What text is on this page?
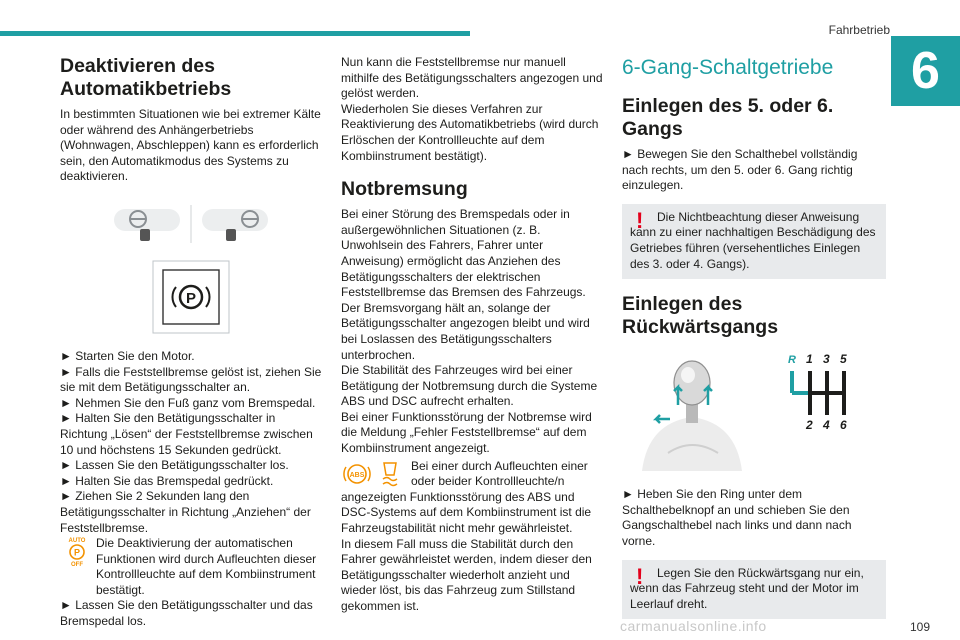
Fahrbetrieb
6
Deaktivieren des Automatikbetriebs

In bestimmten Situationen wie bei extremer Kälte oder während des Anhängerbetriebs (Wohnwagen, Abschleppen) kann es erforderlich sein, den Automatikmodus des Systems zu deaktivieren.

P

► Starten Sie den Motor.

► Falls die Feststellbremse gelöst ist, ziehen Sie sie mit dem Betätigungsschalter an.

► Nehmen Sie den Fuß ganz vom Bremspedal.

► Halten Sie den Betätigungsschalter in Richtung „Lösen“ der Feststellbremse zwischen 10 und höchstens 15 Sekunden gedrückt.

► Lassen Sie den Betätigungsschalter los.

► Halten Sie das Bremspedal gedrückt.

► Ziehen Sie 2 Sekunden lang den Betätigungsschalter in Richtung „Anziehen“ der Feststellbremse.

AUTO
P
OFF
Die Deaktivierung der automatischen Funktionen wird durch Aufleuchten dieser Kontrollleuchte auf dem Kombiinstrument bestätigt.

► Lassen Sie den Betätigungsschalter und das Bremspedal los.

Nun kann die Feststellbremse nur manuell mithilfe des Betätigungsschalters angezogen und gelöst werden.
Wiederholen Sie dieses Verfahren zur Reaktivierung des Automatikbetriebs (wird durch Erlöschen der Kontrollleuchte auf dem Kombiinstrument bestätigt).

Notbremsung

Bei einer Störung des Bremspedals oder in außergewöhnlichen Situationen (z. B. Unwohlsein des Fahrers, Fahrer unter Anweisung) ermöglicht das Anziehen des Betätigungsschalters der elektrischen Feststellbremse das Bremsen des Fahrzeugs. Der Bremsvorgang hält an, solange der Betätigungsschalter angezogen bleibt und wird bei Loslassen des Betätigungsschalters unterbrochen.
Die Stabilität des Fahrzeuges wird bei einer Betätigung der Notbremsung durch die Systeme ABS und DSC aufrecht erhalten.
Bei einer Funktionsstörung der Notbremse wird die Meldung „Fehler Feststellbremse“ auf dem Kombiinstrument angezeigt.

ABS
Bei einer durch Aufleuchten einer oder beider Kontrollleuchte/n angezeigten Funktionsstörung des ABS und DSC-Systems auf dem Kombiinstrument ist die Fahrzeugstabilität nicht mehr gewährleistet.
In diesem Fall muss die Stabilität durch den Fahrer gewährleistet werden, indem dieser den Betätigungsschalter wiederholt anzieht und wieder löst, bis das Fahrzeug zum Stillstand gekommen ist.
6-Gang-Schaltgetriebe
Einlegen des 5. oder 6. Gangs

► Bewegen Sie den Schalthebel vollständig nach rechts, um den 5. oder 6. Gang richtig einzulegen.

!	Die Nichtbeachtung dieser Anweisung kann zu einer nachhaltigen Beschädigung des Getriebes führen (versehentliches Einlegen des 3. oder 4. Gangs).

Einlegen des Rückwärtsgangs
R 1 3 5
2 4 6

► Heben Sie den Ring unter dem Schalthebelknopf an und schieben Sie den Gangschalthebel nach links und dann nach vorne.

!	Legen Sie den Rückwärtsgang nur ein, wenn das Fahrzeug steht und der Motor im Leerlauf dreht.

carmanualsonline.info	109
